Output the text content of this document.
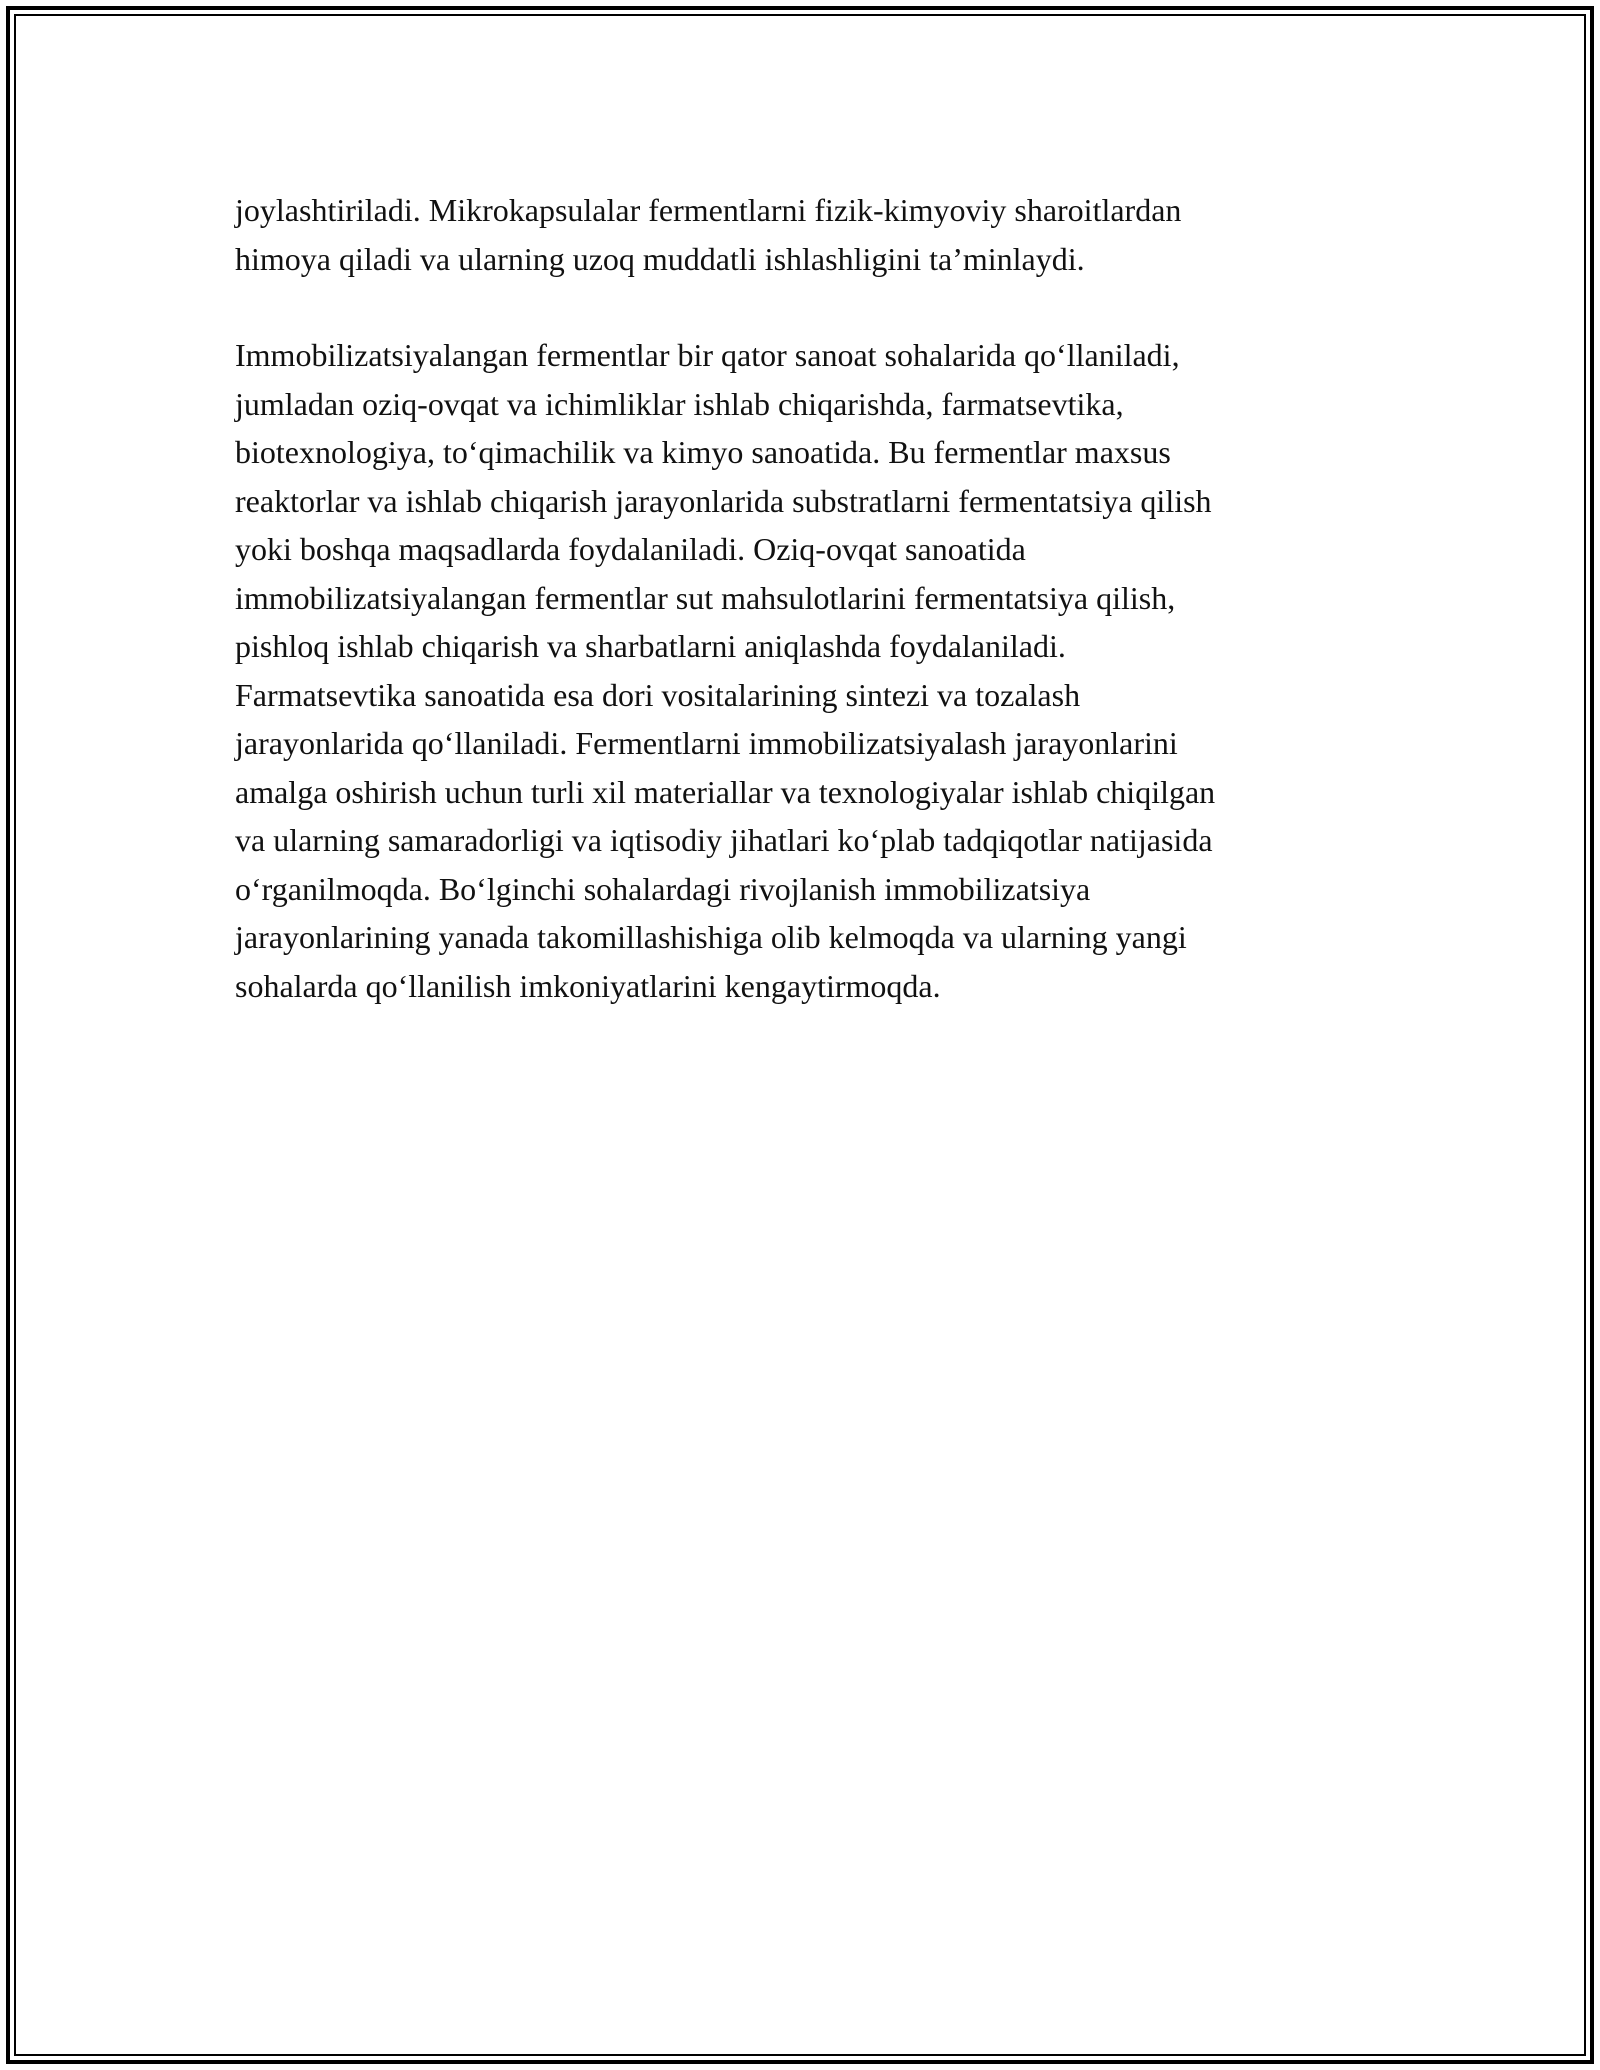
joylashtiriladi. Mikrokapsulalar fermentlarni fizik-kimyoviy sharoitlardan
himoya qiladi va ularning uzoq muddatli ishlashligini ta’minlaydi.

Immobilizatsiyalangan fermentlar bir qator sanoat sohalarida qo‘llaniladi,
jumladan oziq-ovqat va ichimliklar ishlab chiqarishda, farmatsevtika,
biotexnologiya, to‘qimachilik va kimyo sanoatida. Bu fermentlar maxsus
reaktorlar va ishlab chiqarish jarayonlarida substratlarni fermentatsiya qilish
yoki boshqa maqsadlarda foydalaniladi. Oziq-ovqat sanoatida
immobilizatsiyalangan fermentlar sut mahsulotlarini fermentatsiya qilish,
pishloq ishlab chiqarish va sharbatlarni aniqlashda foydalaniladi.
Farmatsevtika sanoatida esa dori vositalarining sintezi va tozalash
jarayonlarida qo‘llaniladi. Fermentlarni immobilizatsiyalash jarayonlarini
amalga oshirish uchun turli xil materiallar va texnologiyalar ishlab chiqilgan
va ularning samaradorligi va iqtisodiy jihatlari ko‘plab tadqiqotlar natijasida
o‘rganilmoqda. Bo‘lginchi sohalardagi rivojlanish immobilizatsiya
jarayonlarining yanada takomillashishiga olib kelmoqda va ularning yangi
sohalarda qo‘llanilish imkoniyatlarini kengaytirmoqda.
